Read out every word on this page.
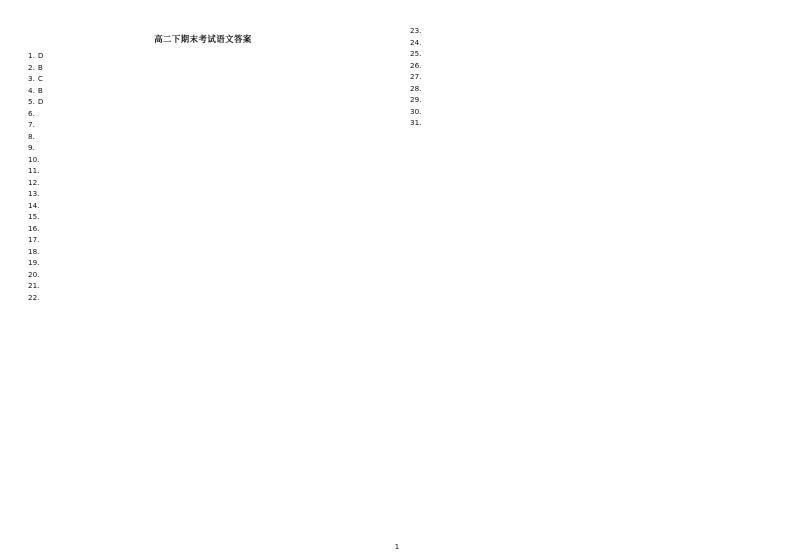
高二下期末考试语文答案
1. D
2. B
3. C
4. B
5. D
6.
7.
8.
9.
10.
11.
12.
13.
14.
15.
16.
17.
18.
19.
20.
21.
22.
23.
24.
25.
26.
27.
28.
29.
30.
31.
1
